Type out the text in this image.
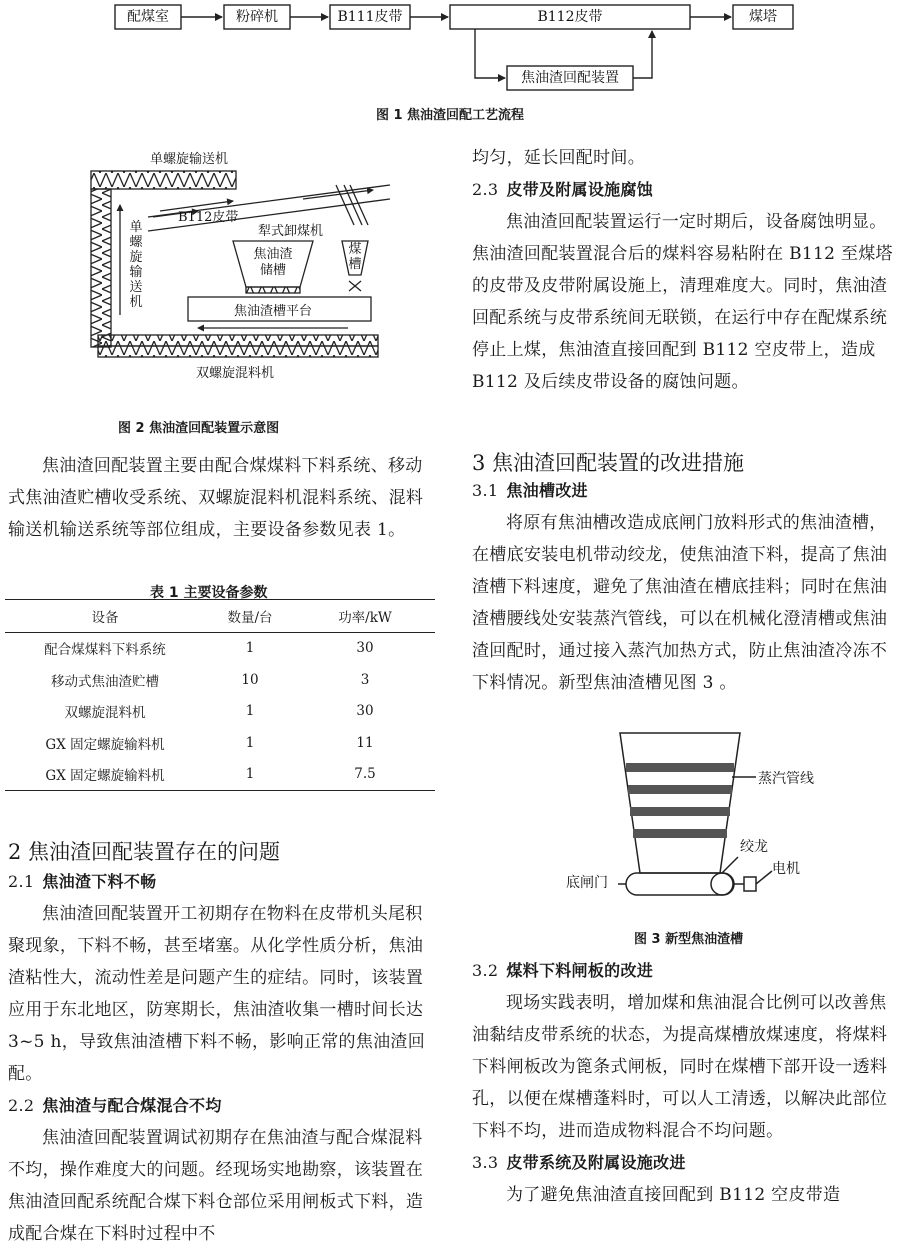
配煤室	粉碎机	B111皮带	B112皮带	煤塔
焦油渣回配装置
图 1 焦油渣回配工艺流程
单螺旋输送机
B112皮带
犁式卸煤机
焦油渣槽平台
双螺旋混料机
单螺旋输送机
焦油渣储槽
煤槽
图 2 焦油渣回配装置示意图

焦油渣回配装置主要由配合煤煤料下料系统、移动式焦油渣贮槽收受系统、双螺旋混料机混料系统、混料输送机输送系统等部位组成，主要设备参数见表 1。

表 1 主要设备参数
设备	数量/台	功率/kW
配合煤煤料下料系统	1	30
移动式焦油渣贮槽	10	3
双螺旋混料机	1	30
GX 固定螺旋输料机	1	11
GX 固定螺旋输料机	1	7.5
2 焦油渣回配装置存在的问题
2.1 焦油渣下料不畅

焦油渣回配装置开工初期存在物料在皮带机头尾积聚现象，下料不畅，甚至堵塞。从化学性质分析，焦油渣粘性大，流动性差是问题产生的症结。同时，该装置应用于东北地区，防寒期长，焦油渣收集一槽时间长达 3~5 h，导致焦油渣槽下料不畅，影响正常的焦油渣回配。

2.2 焦油渣与配合煤混合不均

焦油渣回配装置调试初期存在焦油渣与配合煤混料不均，操作难度大的问题。经现场实地勘察，该装置在焦油渣回配系统配合煤下料仓部位采用闸板式下料，造成配合煤在下料时过程中不

均匀，延长回配时间。

2.3 皮带及附属设施腐蚀

焦油渣回配装置运行一定时期后，设备腐蚀明显。焦油渣回配装置混合后的煤料容易粘附在 B112 至煤塔的皮带及皮带附属设施上，清理难度大。同时，焦油渣回配系统与皮带系统间无联锁，在运行中存在配煤系统停止上煤，焦油渣直接回配到 B112 空皮带上，造成 B112 及后续皮带设备的腐蚀问题。

3 焦油渣回配装置的改进措施
3.1 焦油槽改进

将原有焦油槽改造成底闸门放料形式的焦油渣槽，在槽底安装电机带动绞龙，使焦油渣下料，提高了焦油渣槽下料速度，避免了焦油渣在槽底挂料；同时在焦油渣槽腰线处安装蒸汽管线，可以在机械化澄清槽或焦油渣回配时，通过接入蒸汽加热方式，防止焦油渣冷冻不下料情况。新型焦油渣槽见图 3 。

蒸汽管线
绞龙
电机
底闸门
图 3 新型焦油渣槽
3.2 煤料下料闸板的改进

现场实践表明，增加煤和焦油混合比例可以改善焦油黏结皮带系统的状态，为提高煤槽放煤速度，将煤料下料闸板改为篦条式闸板，同时在煤槽下部开设一透料孔，以便在煤槽蓬料时，可以人工清透，以解决此部位下料不均，进而造成物料混合不均问题。

3.3 皮带系统及附属设施改进

为了避免焦油渣直接回配到 B112 空皮带造
